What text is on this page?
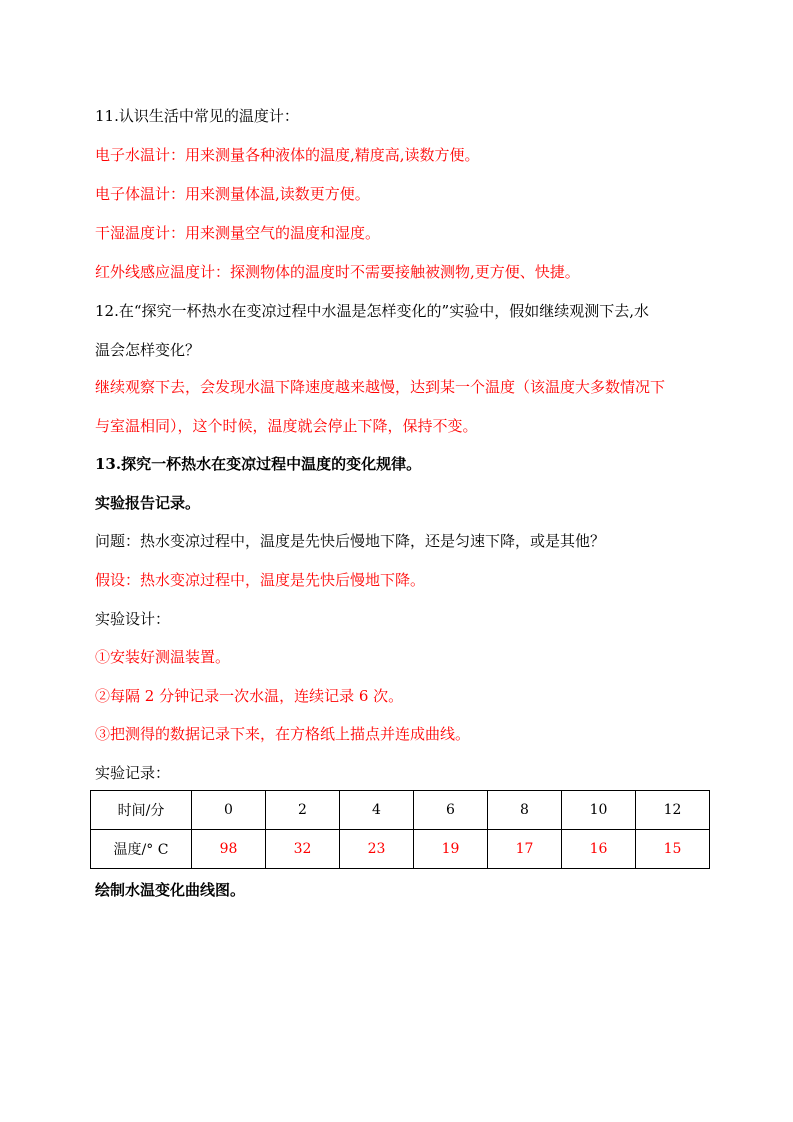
11.认识生活中常见的温度计：
电子水温计：用来测量各种液体的温度,精度高,读数方便。
电子体温计：用来测量体温,读数更方便。
干湿温度计：用来测量空气的温度和湿度。
红外线感应温度计：探测物体的温度时不需要接触被测物,更方便、快捷。
12.在“探究一杯热水在变凉过程中水温是怎样变化的”实验中，假如继续观测下去,水
温会怎样变化？
继续观察下去，会发现水温下降速度越来越慢，达到某一个温度（该温度大多数情况下
与室温相同），这个时候，温度就会停止下降，保持不变。
13.探究一杯热水在变凉过程中温度的变化规律。
实验报告记录。
问题：热水变凉过程中，温度是先快后慢地下降，还是匀速下降，或是其他？
假设：热水变凉过程中，温度是先快后慢地下降。
实验设计：
①安装好测温装置。
②每隔 2 分钟记录一次水温，连续记录 6 次。
③把测得的数据记录下来，在方格纸上描点并连成曲线。
实验记录：
绘制水温变化曲线图。
时间/分	0	2	4	6	8	10	12
温度/° C	98	32	23	19	17	16	15
